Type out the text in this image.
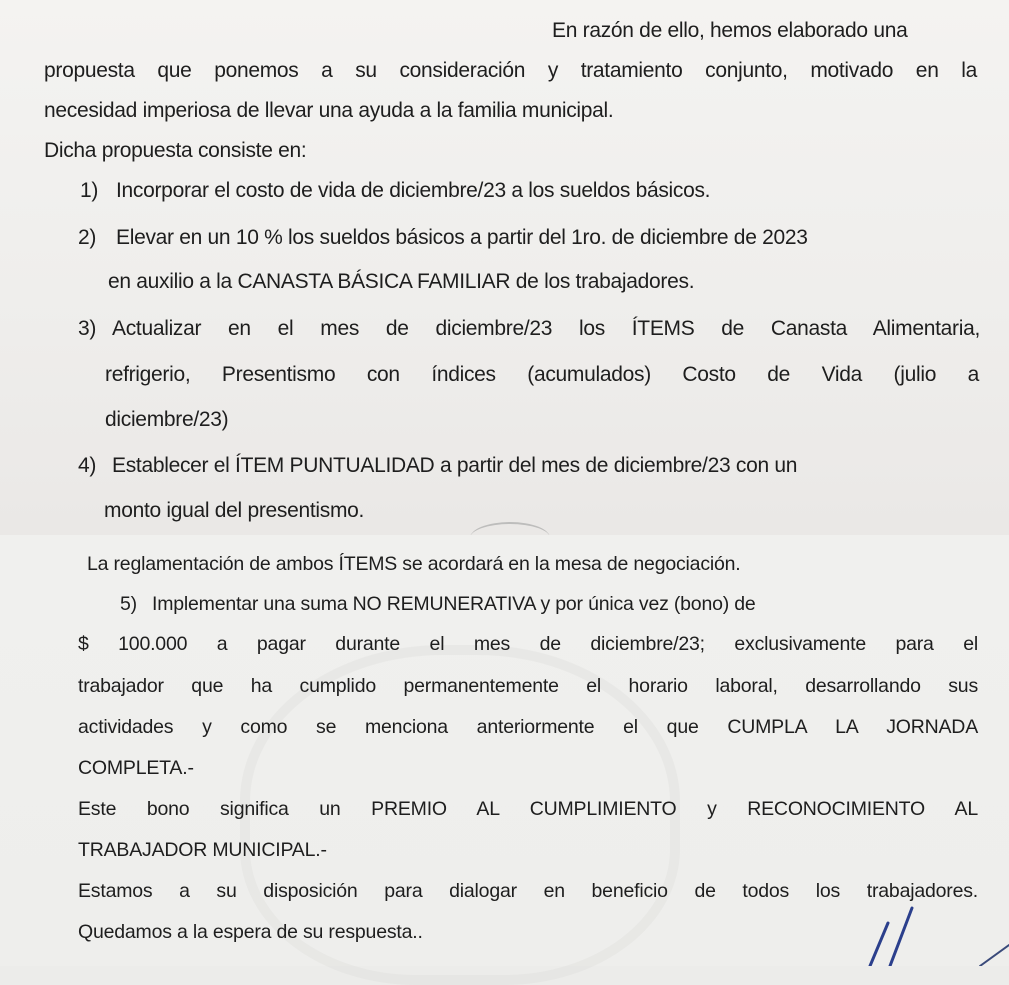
En razón de ello, hemos elaborado una
propuesta que ponemos a su consideración y tratamiento conjunto, motivado en la
necesidad imperiosa de llevar una ayuda a la familia municipal.
Dicha propuesta consiste en:
1) Incorporar el costo de vida de diciembre/23 a los sueldos básicos.
2) Elevar en un 10 % los sueldos básicos a partir del 1ro. de diciembre de 2023
en auxilio a la CANASTA BÁSICA FAMILIAR de los trabajadores.
3) Actualizar en el mes de diciembre/23 los ÍTEMS de Canasta Alimentaria,
refrigerio, Presentismo con índices (acumulados) Costo de Vida (julio a
diciembre/23)
4) Establecer el ÍTEM PUNTUALIDAD a partir del mes de diciembre/23 con un
monto igual del presentismo.
La reglamentación de ambos ÍTEMS se acordará en la mesa de negociación.
5) Implementar una suma NO REMUNERATIVA y por única vez (bono) de
$ 100.000 a pagar durante el mes de diciembre/23; exclusivamente para el
trabajador que ha cumplido permanentemente el horario laboral, desarrollando sus
actividades y como se menciona anteriormente el que CUMPLA LA JORNADA
COMPLETA.-
Este bono significa un PREMIO AL CUMPLIMIENTO y RECONOCIMIENTO AL
TRABAJADOR MUNICIPAL.-
Estamos a su disposición para dialogar en beneficio de todos los trabajadores.
Quedamos a la espera de su respuesta..
